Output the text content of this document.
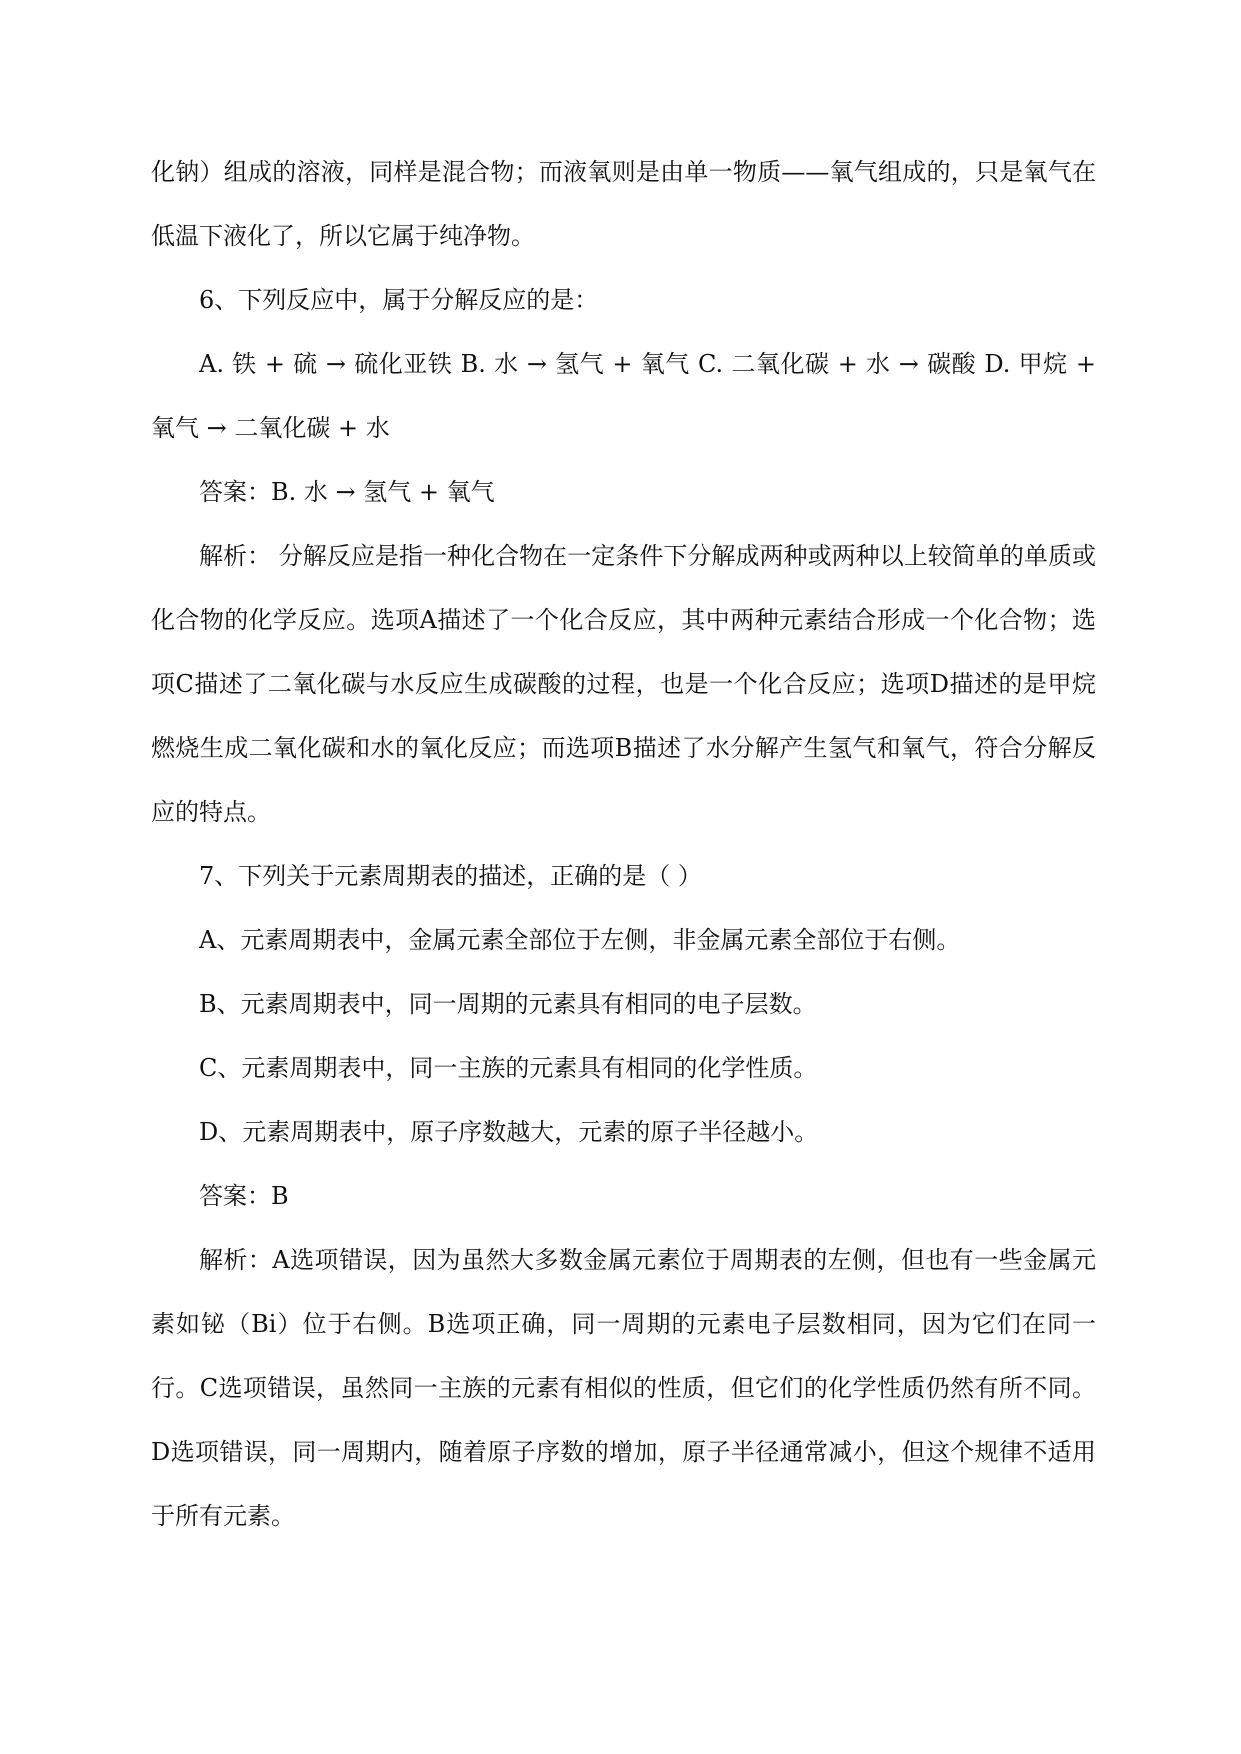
化钠）组成的溶液，同样是混合物；而液氧则是由单一物质——氧气组成的，只是氧气在低温下液化了，所以它属于纯净物。

6、下列反应中，属于分解反应的是：

A. 铁 + 硫 → 硫化亚铁 B. 水 → 氢气 + 氧气 C. 二氧化碳 + 水 → 碳酸 D. 甲烷 + 氧气 → 二氧化碳 + 水

答案：B. 水 → 氢气 + 氧气

解析： 分解反应是指一种化合物在一定条件下分解成两种或两种以上较简单的单质或化合物的化学反应。选项A描述了一个化合反应，其中两种元素结合形成一个化合物；选项C描述了二氧化碳与水反应生成碳酸的过程，也是一个化合反应；选项D描述的是甲烷燃烧生成二氧化碳和水的氧化反应；而选项B描述了水分解产生氢气和氧气，符合分解反应的特点。

7、下列关于元素周期表的描述，正确的是（ ）

A、元素周期表中，金属元素全部位于左侧，非金属元素全部位于右侧。

B、元素周期表中，同一周期的元素具有相同的电子层数。

C、元素周期表中，同一主族的元素具有相同的化学性质。

D、元素周期表中，原子序数越大，元素的原子半径越小。

答案：B

解析：A选项错误，因为虽然大多数金属元素位于周期表的左侧，但也有一些金属元素如铋（Bi）位于右侧。B选项正确，同一周期的元素电子层数相同，因为它们在同一行。C选项错误，虽然同一主族的元素有相似的性质，但它们的化学性质仍然有所不同。D选项错误，同一周期内，随着原子序数的增加，原子半径通常减小，但这个规律不适用于所有元素。
